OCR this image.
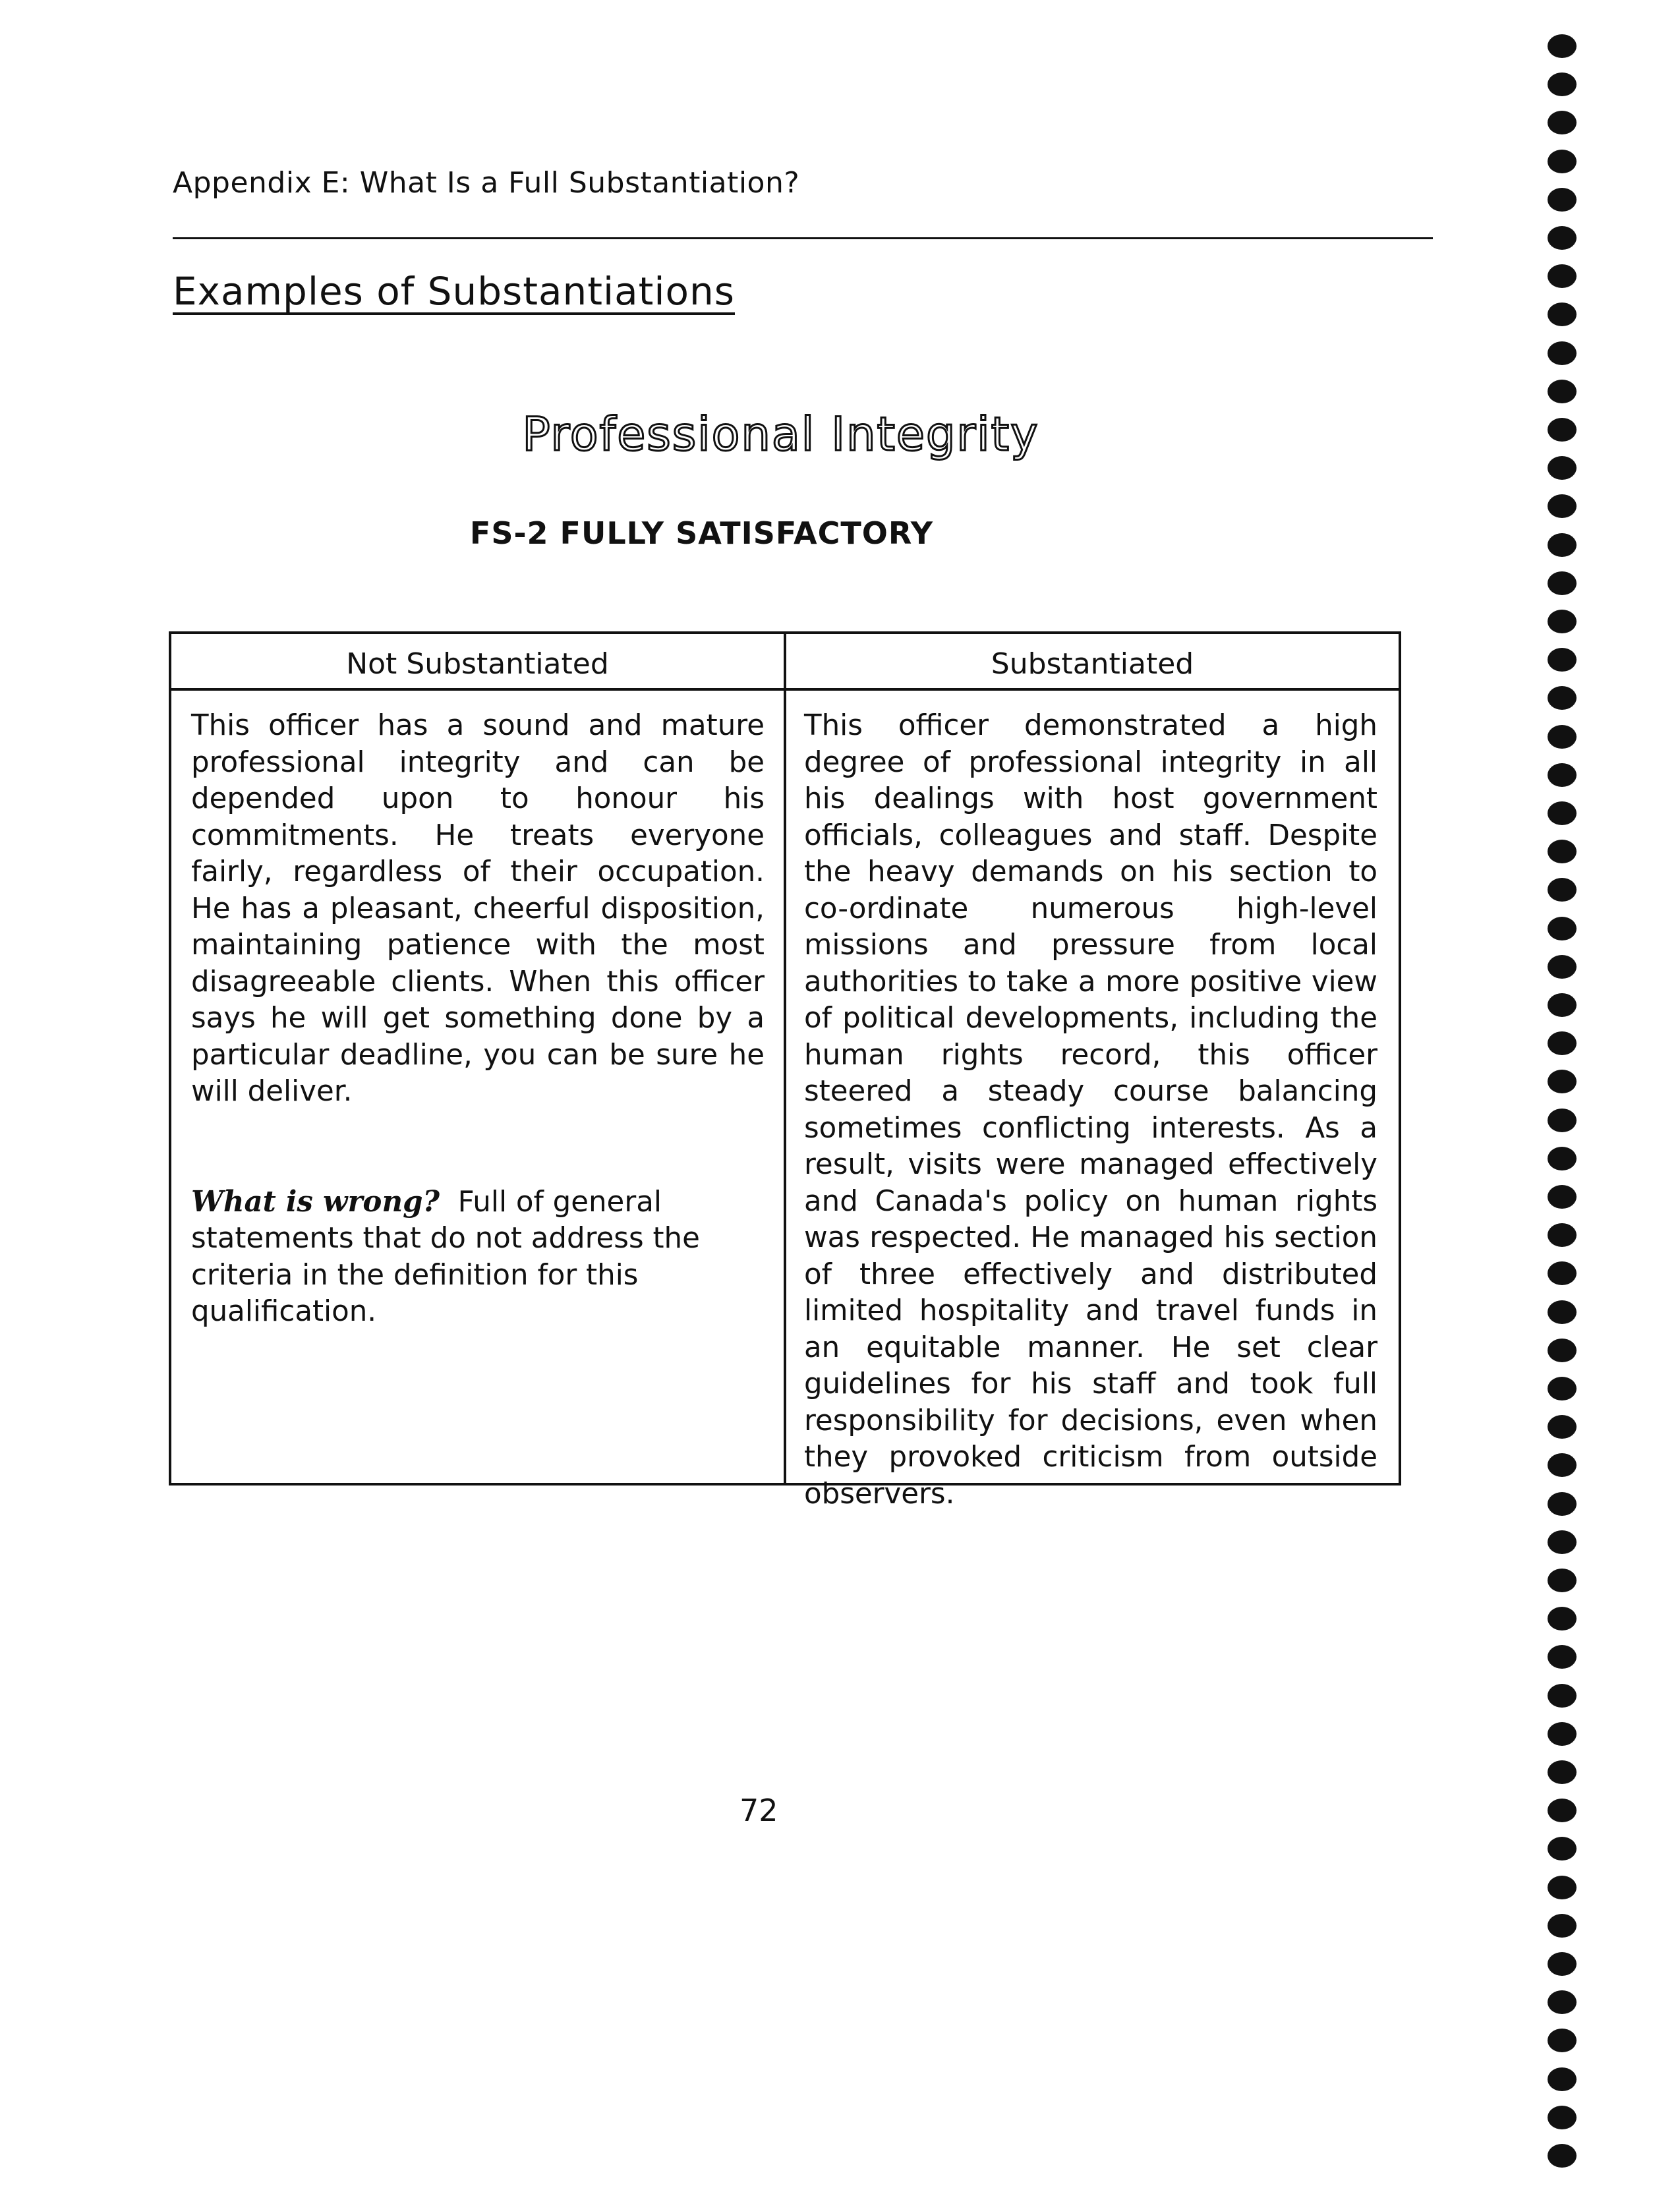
Appendix E: What Is a Full Substantiation?
Examples of Substantiations
Professional Integrity
FS-2 FULLY SATISFACTORY
Not Substantiated	Substantiated

This officer has a sound and mature professional integrity and can be depended upon to honour his commitments. He treats everyone fairly, regardless of their occupation. He has a pleasant, cheerful disposition, maintaining patience with the most disagreeable clients. When this officer says he will get something done by a particular deadline, you can be sure he will deliver.

What is wrong? Full of general statements that do not address the criteria in the definition for this qualification.

This officer demonstrated a high degree of professional integrity in all his dealings with host government officials, colleagues and staff. Despite the heavy demands on his section to co-ordinate numerous high-level missions and pressure from local authorities to take a more positive view of political developments, including the human rights record, this officer steered a steady course balancing sometimes conflicting interests. As a result, visits were managed effectively and Canada's policy on human rights was respected. He managed his section of three effectively and distributed limited hospitality and travel funds in an equitable manner. He set clear guidelines for his staff and took full responsibility for decisions, even when they provoked criticism from outside observers.

72
